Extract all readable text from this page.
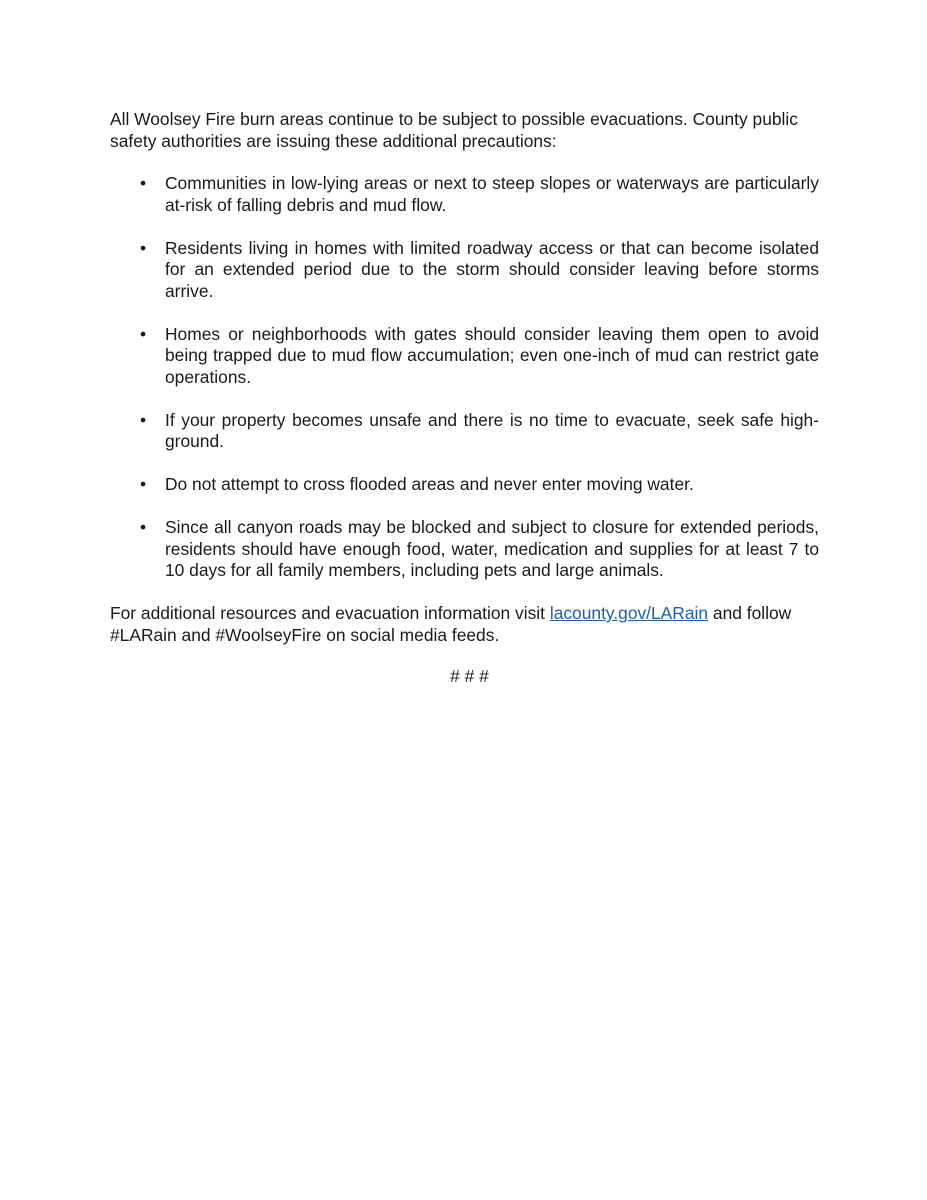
All Woolsey Fire burn areas continue to be subject to possible evacuations. County public safety authorities are issuing these additional precautions:

•	Communities in low-lying areas or next to steep slopes or waterways are particularly at-risk of falling debris and mud flow.
•	Residents living in homes with limited roadway access or that can become isolated for an extended period due to the storm should consider leaving before storms arrive.
•	Homes or neighborhoods with gates should consider leaving them open to avoid being trapped due to mud flow accumulation; even one-inch of mud can restrict gate operations.
•	If your property becomes unsafe and there is no time to evacuate, seek safe high-ground.
•	Do not attempt to cross flooded areas and never enter moving water.
•	Since all canyon roads may be blocked and subject to closure for extended periods, residents should have enough food, water, medication and supplies for at least 7 to 10 days for all family members, including pets and large animals.

For additional resources and evacuation information visit lacounty.gov/LARain and follow #LARain and #WoolseyFire on social media feeds.

# # #
